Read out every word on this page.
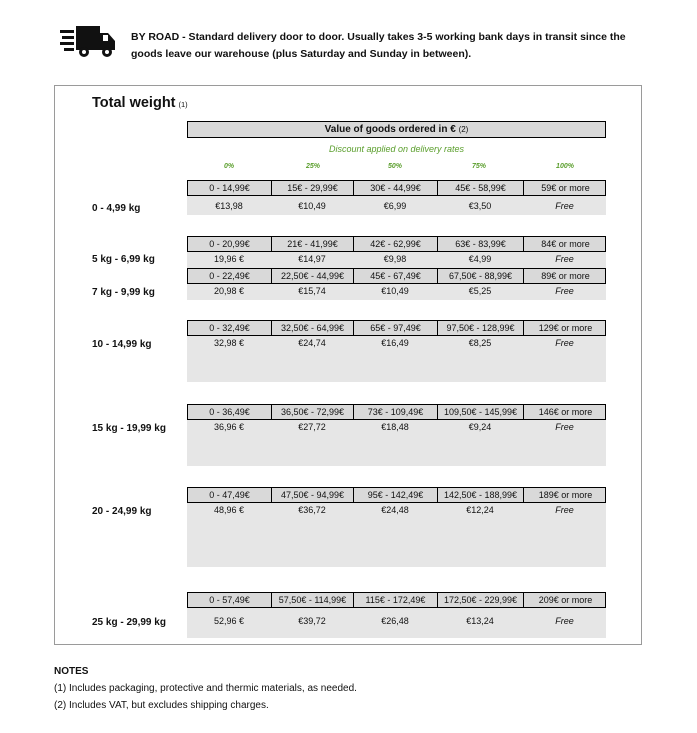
BY ROAD - Standard delivery door to door. Usually takes 3-5 working bank days in transit since the goods leave our warehouse (plus Saturday and Sunday in between).
Total weight (1)
Value of goods ordered in € (2)
Discount applied on delivery rates
0%	25%	50%	75%	100%
0 - 14,99€	15€ - 29,99€	30€ - 44,99€	45€ - 58,99€	59€ or more
€13,98	€10,49	€6,99	€3,50	Free
0 - 4,99 kg
0 - 20,99€	21€ - 41,99€	42€ - 62,99€	63€ - 83,99€	84€ or more
19,96 €	€14,97	€9,98	€4,99	Free
5 kg - 6,99 kg
0 - 22,49€	22,50€ - 44,99€	45€ - 67,49€	67,50€ - 88,99€	89€ or more
20,98 €	€15,74	€10,49	€5,25	Free
7 kg - 9,99 kg
0 - 32,49€	32,50€ - 64,99€	65€ - 97,49€	97,50€ - 128,99€	129€ or more
32,98 €	€24,74	€16,49	€8,25	Free
10 - 14,99 kg
0 - 36,49€	36,50€ - 72,99€	73€ - 109,49€	109,50€ - 145,99€	146€ or more
36,96 €	€27,72	€18,48	€9,24	Free
15 kg - 19,99 kg
0 - 47,49€	47,50€ - 94,99€	95€ - 142,49€	142,50€ - 188,99€	189€ or more
48,96 €	€36,72	€24,48	€12,24	Free
20 - 24,99 kg
0 - 57,49€	57,50€ - 114,99€	115€ - 172,49€	172,50€ - 229,99€	209€ or more
52,96 €	€39,72	€26,48	€13,24	Free
25 kg - 29,99 kg
NOTES
(1) Includes packaging, protective and thermic materials, as needed.
(2) Includes VAT, but excludes shipping charges.
